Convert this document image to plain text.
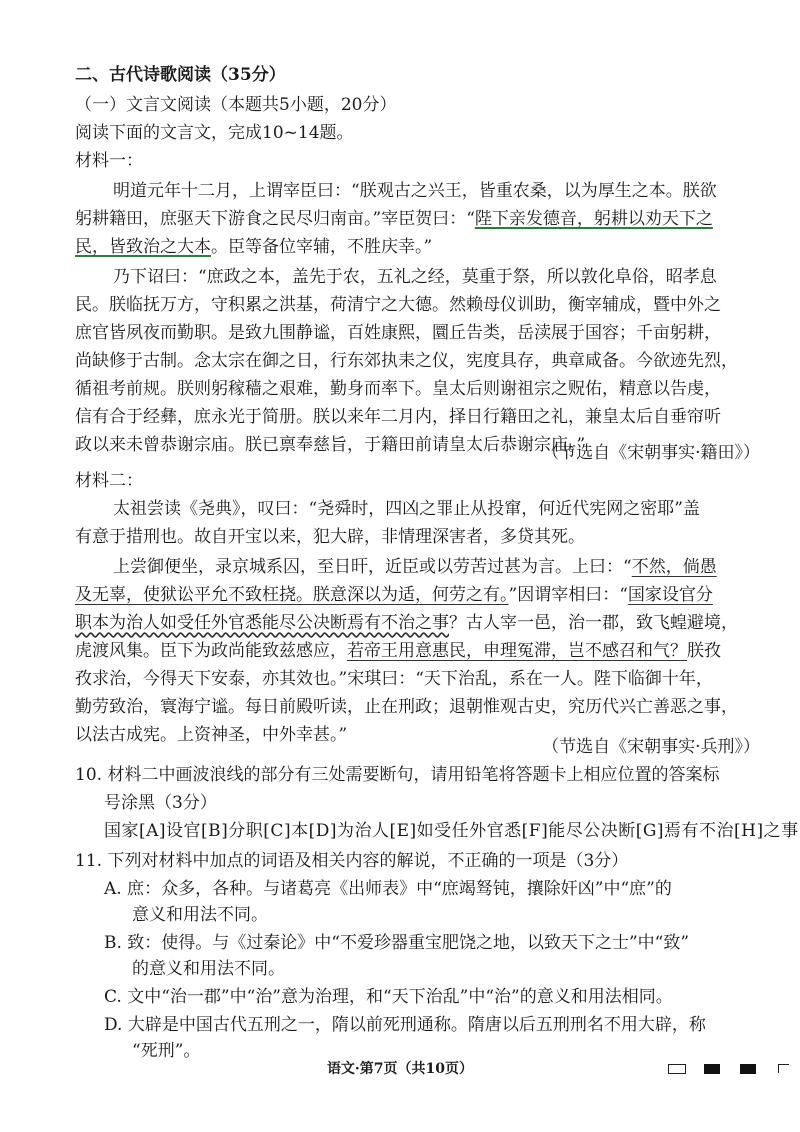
二、古代诗歌阅读（35分）
（一）文言文阅读（本题共5小题，20分）
阅读下面的文言文，完成10~14题。
材料一：
明道元年十二月，上谓宰臣曰：“朕观古之兴王，皆重农桑，以为厚生之本。朕欲
躬耕籍田，庶驱天下游食之民尽归南亩。”宰臣贺曰：“陛下亲发德音，躬耕以劝天下之
民，皆致治之大本。臣等备位宰辅，不胜庆幸。”
乃下诏曰：“庶政之本，盖先于农，五礼之经，莫重于祭，所以敦化阜俗，昭孝息
民。朕临抚万方，守积累之洪基，荷清宁之大德。然赖母仪训助，衡宰辅成，暨中外之
庶官皆夙夜而勤职。是致九围静谧，百姓康熙，圜丘告类，岳渎展于国容；千亩躬耕，
尚缺修于古制。念太宗在御之日，行东郊执耒之仪，宪度具存，典章咸备。今欲迹先烈，
循祖考前规。朕则躬稼穑之艰难，勤身而率下。皇太后则谢祖宗之贶佑，精意以告虔，
信有合于经彝，庶永光于简册。朕以来年二月内，择日行籍田之礼，兼皇太后自垂帘听
政以来未曾恭谢宗庙。朕已禀奉慈旨，于籍田前请皇太后恭谢宗庙。”
（节选自《宋朝事实·籍田》）
材料二：
太祖尝读《尧典》，叹曰：“尧舜时，四凶之罪止从投窜，何近代宪网之密耶”盖
有意于措刑也。故自开宝以来，犯大辟，非情理深害者，多贷其死。
上尝御便坐，录京城系囚，至日旰，近臣或以劳苦过甚为言。上曰：“不然，倘愚
及无辜，使狱讼平允不致枉挠。朕意深以为适，何劳之有。”因谓宰相曰：“国家设官分
职本为治人如受任外官悉能尽公决断焉有不治之事？古人宰一邑，治一郡，致飞蝗避境，
虎渡风集。臣下为政尚能致兹感应，若帝王用意惠民，申理冤滞，岂不感召和气？朕孜
孜求治，今得天下安泰，亦其效也。”宋琪曰：“天下治乱，系在一人。陛下临御十年，
勤劳致治，寰海宁谧。每日前殿听读，止在刑政；退朝惟观古史，究历代兴亡善恶之事，
以法古成宪。上资神圣，中外幸甚。”
（节选自《宋朝事实·兵刑》）
10. 材料二中画波浪线的部分有三处需要断句，请用铅笔将答题卡上相应位置的答案标
号涂黑（3分）
国家[A]设官[B]分职[C]本[D]为治人[E]如受任外官悉[F]能尽公决断[G]焉有不治[H]之事
11. 下列对材料中加点的词语及相关内容的解说，不正确的一项是（3分）
A. 庶：众多，各种。与诸葛亮《出师表》中“庶竭驽钝，攘除奸凶”中“庶”的
意义和用法不同。
B. 致：使得。与《过秦论》中“不爱珍器重宝肥饶之地，以致天下之士”中“致”
的意义和用法不同。
C. 文中“治一郡”中“治”意为治理，和“天下治乱”中“治”的意义和用法相同。
D. 大辟是中国古代五刑之一，隋以前死刑通称。隋唐以后五刑刑名不用大辟，称
“死刑”。
语文·第7页（共10页）
